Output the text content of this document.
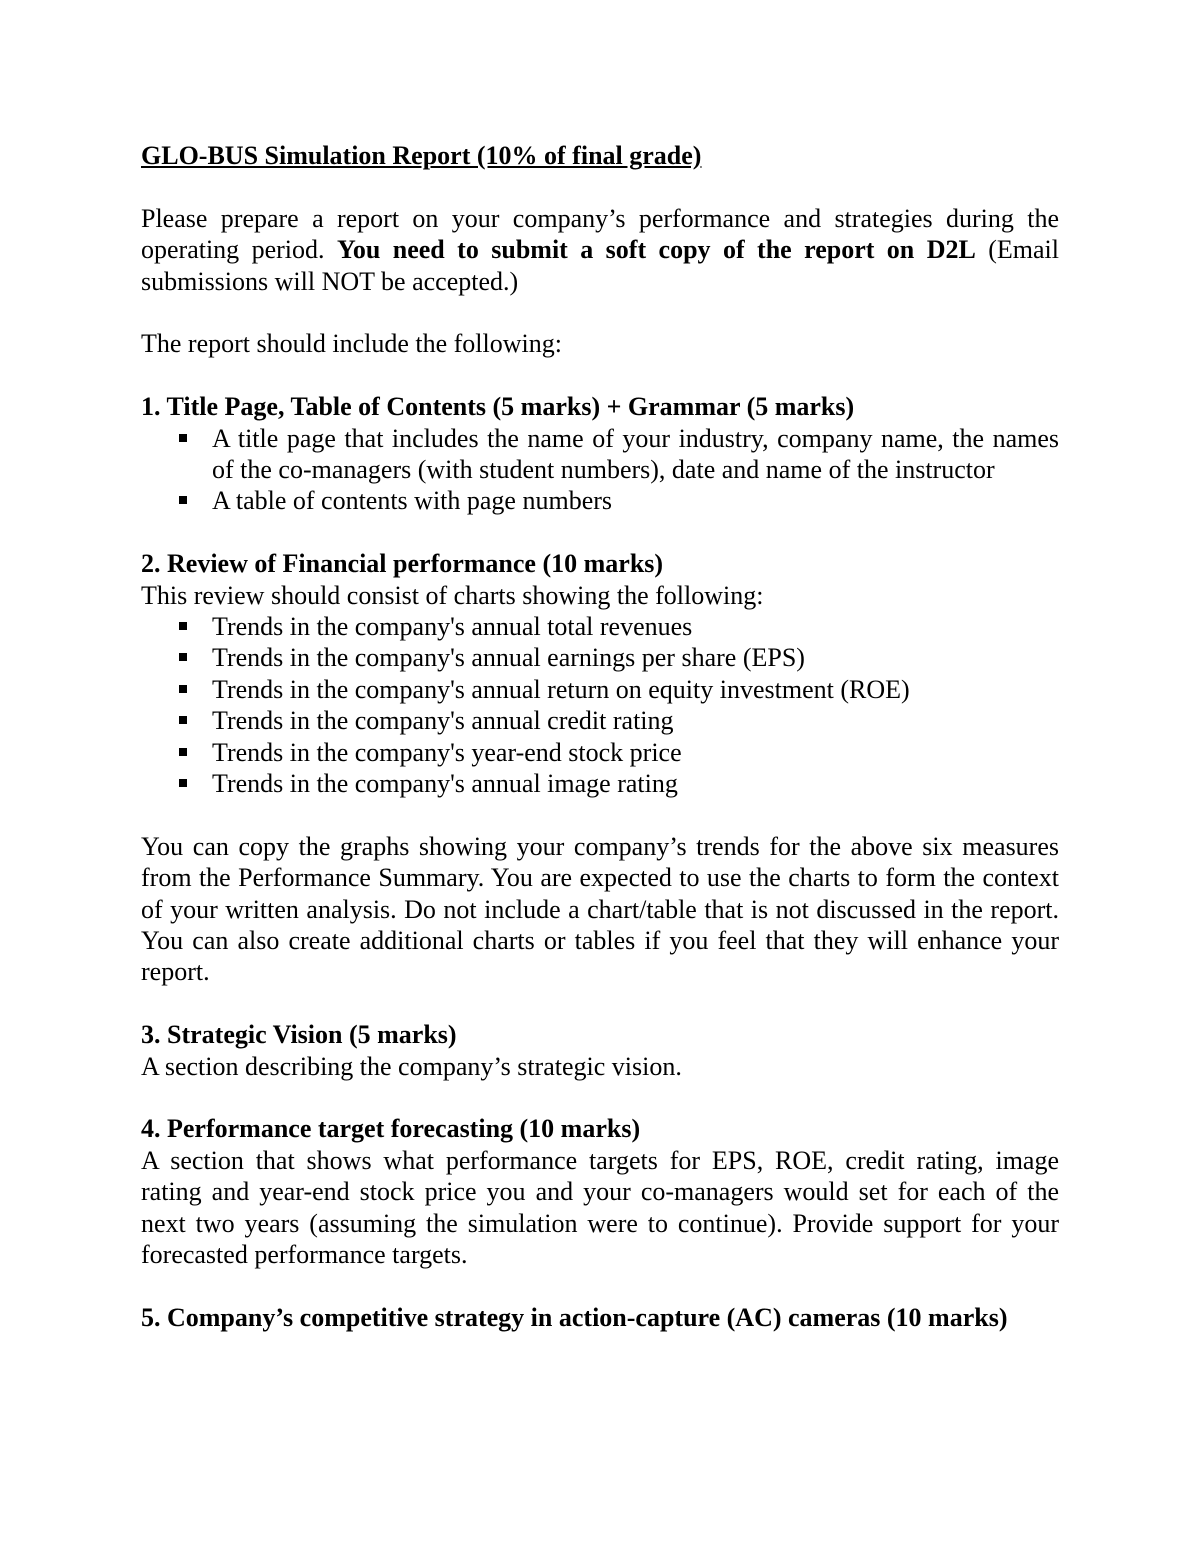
GLO-BUS Simulation Report (10% of final grade)

Please prepare a report on your company’s performance and strategies during the operating period. You need to submit a soft copy of the report on D2L (Email submissions will NOT be accepted.)

The report should include the following:

1. Title Page, Table of Contents (5 marks) + Grammar (5 marks)

A title page that includes the name of your industry, company name, the names of the co-managers (with student numbers), date and name of the instructor
A table of contents with page numbers

2. Review of Financial performance (10 marks)

This review should consist of charts showing the following:

Trends in the company's annual total revenues
Trends in the company's annual earnings per share (EPS)
Trends in the company's annual return on equity investment (ROE)
Trends in the company's annual credit rating
Trends in the company's year-end stock price
Trends in the company's annual image rating

You can copy the graphs showing your company’s trends for the above six measures from the Performance Summary. You are expected to use the charts to form the context of your written analysis. Do not include a chart/table that is not discussed in the report. You can also create additional charts or tables if you feel that they will enhance your report.

3. Strategic Vision (5 marks)

A section describing the company’s strategic vision.

4. Performance target forecasting (10 marks)

A section that shows what performance targets for EPS, ROE, credit rating, image rating and year-end stock price you and your co-managers would set for each of the next two years (assuming the simulation were to continue). Provide support for your forecasted performance targets.

5. Company’s competitive strategy in action-capture (AC) cameras (10 marks)
